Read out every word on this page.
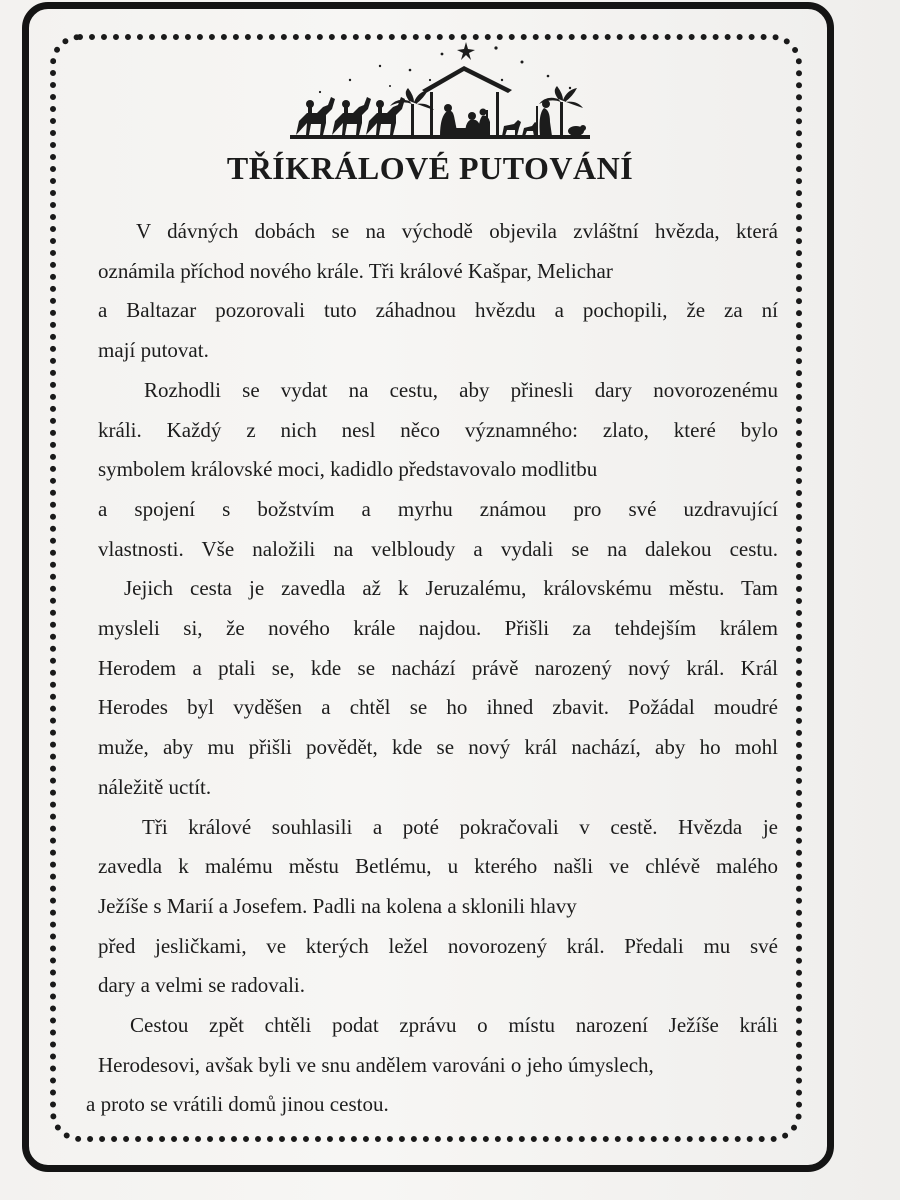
TŘÍKRÁLOVÉ PUTOVÁNÍ
V dávných dobách se na východě objevila zvláštní hvězda, která
oznámila příchod nového krále. Tři králové Kašpar, Melichar
a Baltazar pozorovali tuto záhadnou hvězdu a pochopili, že za ní
mají putovat.
Rozhodli se vydat na cestu, aby přinesli dary novorozenému
králi. Každý z nich nesl něco významného: zlato, které bylo
symbolem královské moci, kadidlo představovalo modlitbu
a spojení s božstvím a myrhu známou pro své uzdravující
vlastnosti. Vše naložili na velbloudy a vydali se na dalekou cestu.
Jejich cesta je zavedla až k Jeruzalému, královskému městu. Tam
mysleli si, že nového krále najdou. Přišli za tehdejším králem
Herodem a ptali se, kde se nachází právě narozený nový král. Král
Herodes byl vyděšen a chtěl se ho ihned zbavit. Požádal moudré
muže, aby mu přišli povědět, kde se nový král nachází, aby ho mohl
náležitě uctít.
Tři králové souhlasili a poté pokračovali v cestě. Hvězda je
zavedla k malému městu Betlému, u kterého našli ve chlévě malého
Ježíše s Marií a Josefem. Padli na kolena a sklonili hlavy
před jesličkami, ve kterých ležel novorozený král. Předali mu své
dary a velmi se radovali.
Cestou zpět chtěli podat zprávu o místu narození Ježíše králi
Herodesovi, avšak byli ve snu andělem varováni o jeho úmyslech,
a proto se vrátili domů jinou cestou.
